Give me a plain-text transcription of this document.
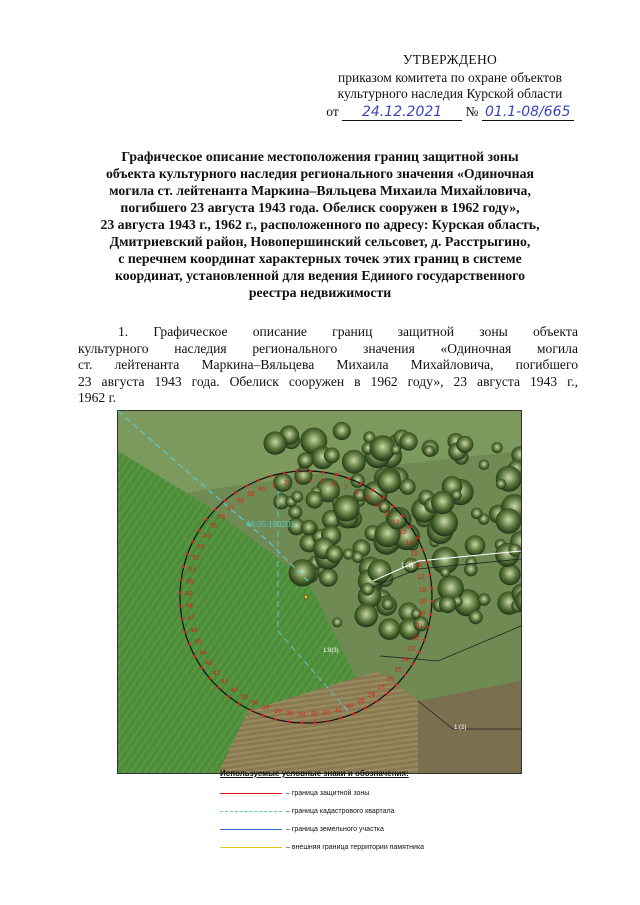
УТВЕРЖДЕНО
приказом комитета по охране объектов
культурного наследия Курской области
от 24.12.2021 № 01.1-08/665
Графическое описание местоположения границ защитной зоны
объекта культурного наследия регионального значения «Одиночная
могила ст. лейтенанта Маркина–Вяльцева Михаила Михайловича,
погибшего 23 августа 1943 года. Обелиск сооружен в 1962 году»,
23 августа 1943 г., 1962 г., расположенного по адресу: Курская область,
Дмитриевский район, Новопершинский сельсовет, д. Расстрыгино,
с перечнем координат характерных точек этих границ в системе
координат, установленной для ведения Единого государственного
реестра недвижимости
1. Графическое описание границ защитной зоны объекта
культурного наследия регионального значения «Одиночная могила
ст. лейтенанта Маркина–Вяльцева Михаила Михайловича, погибшего
23 августа 1943 года. Обелиск сооружен в 1962 году», 23 августа 1943 г.,
1962 г.
46:05:180201
1:8(3)
1:(1)
1:(2)
1 2 3 4 5 6 7
8
9
10
11
12
13
14
15
16
17
18
19
20
21
22
23
24
25
26
27
28
29
30
31
32
33
34
35
36
37
38
39
40
41
42
43
44
45
46
47
48
49
50
51
52
53
54
55
56
57
58
59
60
Используемые условные знаки и обозначения:
– граница защитной зоны
– граница кадастрового квартала
– граница земельного участка
– внешняя граница территории памятника
